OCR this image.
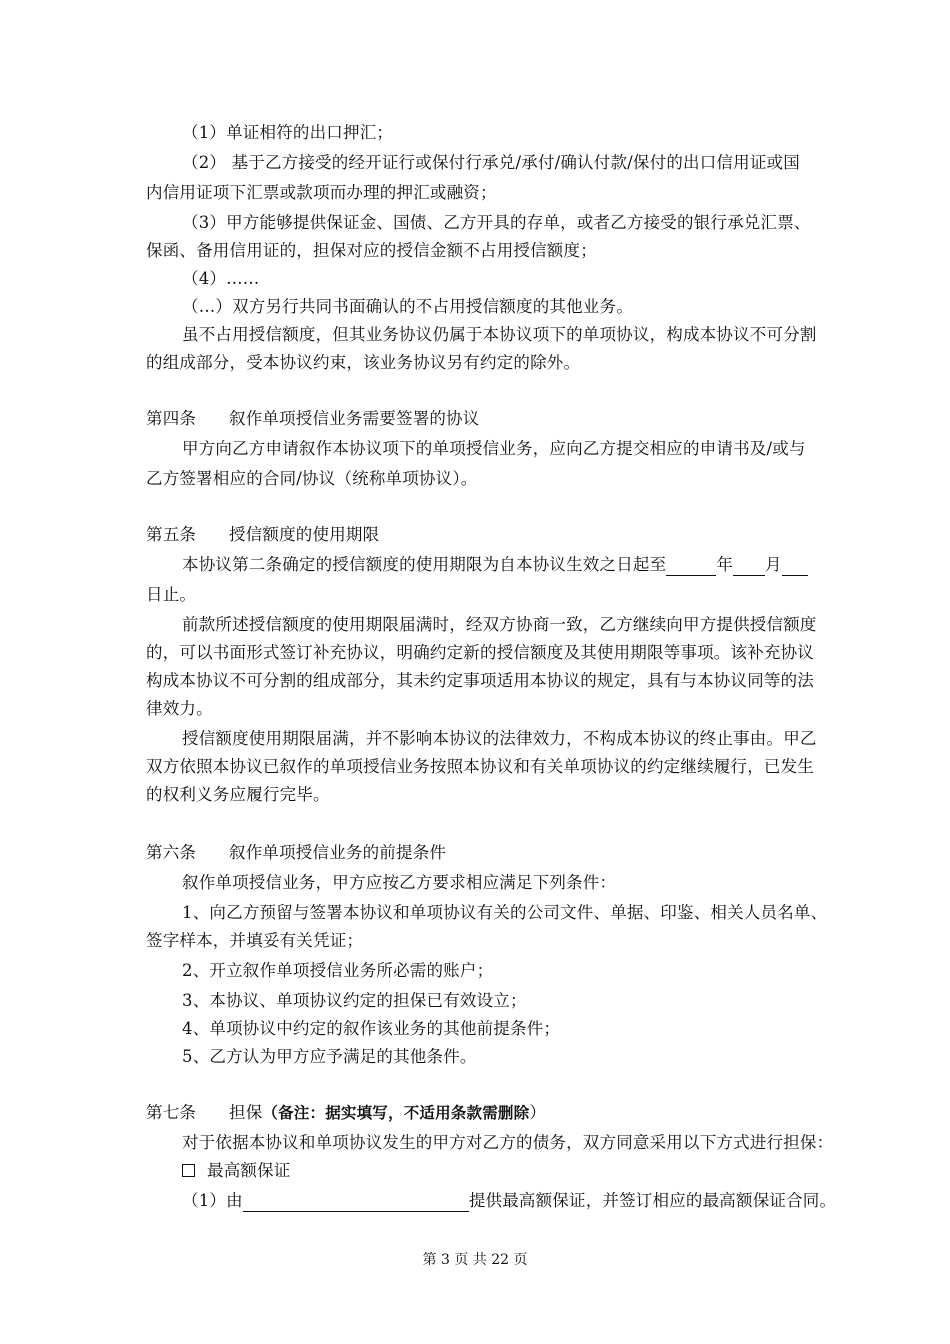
（1）单证相符的出口押汇；
（2） 基于乙方接受的经开证行或保付行承兑/承付/确认付款/保付的出口信用证或国
内信用证项下汇票或款项而办理的押汇或融资；
（3）甲方能够提供保证金、国债、乙方开具的存单，或者乙方接受的银行承兑汇票、
保函、备用信用证的，担保对应的授信金额不占用授信额度；
（4）……
（…）双方另行共同书面确认的不占用授信额度的其他业务。
虽不占用授信额度，但其业务协议仍属于本协议项下的单项协议，构成本协议不可分割
的组成部分，受本协议约束，该业务协议另有约定的除外。
第四条 叙作单项授信业务需要签署的协议
甲方向乙方申请叙作本协议项下的单项授信业务，应向乙方提交相应的申请书及/或与
乙方签署相应的合同/协议（统称单项协议）。
第五条 授信额度的使用期限
本协议第二条确定的授信额度的使用期限为自本协议生效之日起至	年 月
日止。
前款所述授信额度的使用期限届满时，经双方协商一致，乙方继续向甲方提供授信额度
的，可以书面形式签订补充协议，明确约定新的授信额度及其使用期限等事项。该补充协议
构成本协议不可分割的组成部分，其未约定事项适用本协议的规定，具有与本协议同等的法
律效力。
授信额度使用期限届满，并不影响本协议的法律效力，不构成本协议的终止事由。甲乙
双方依照本协议已叙作的单项授信业务按照本协议和有关单项协议的约定继续履行，已发生
的权利义务应履行完毕。
第六条 叙作单项授信业务的前提条件
叙作单项授信业务，甲方应按乙方要求相应满足下列条件：
1、向乙方预留与签署本协议和单项协议有关的公司文件、单据、印鉴、相关人员名单、
签字样本，并填妥有关凭证；
2、开立叙作单项授信业务所必需的账户；
3、本协议、单项协议约定的担保已有效设立；
4、单项协议中约定的叙作该业务的其他前提条件；
5、乙方认为甲方应予满足的其他条件。
第七条 担保（备注：据实填写，不适用条款需删除）
对于依据本协议和单项协议发生的甲方对乙方的债务，双方同意采用以下方式进行担保：
最高额保证
（1）由	提供最高额保证，并签订相应的最高额保证合同。
第 3 页 共 22 页
